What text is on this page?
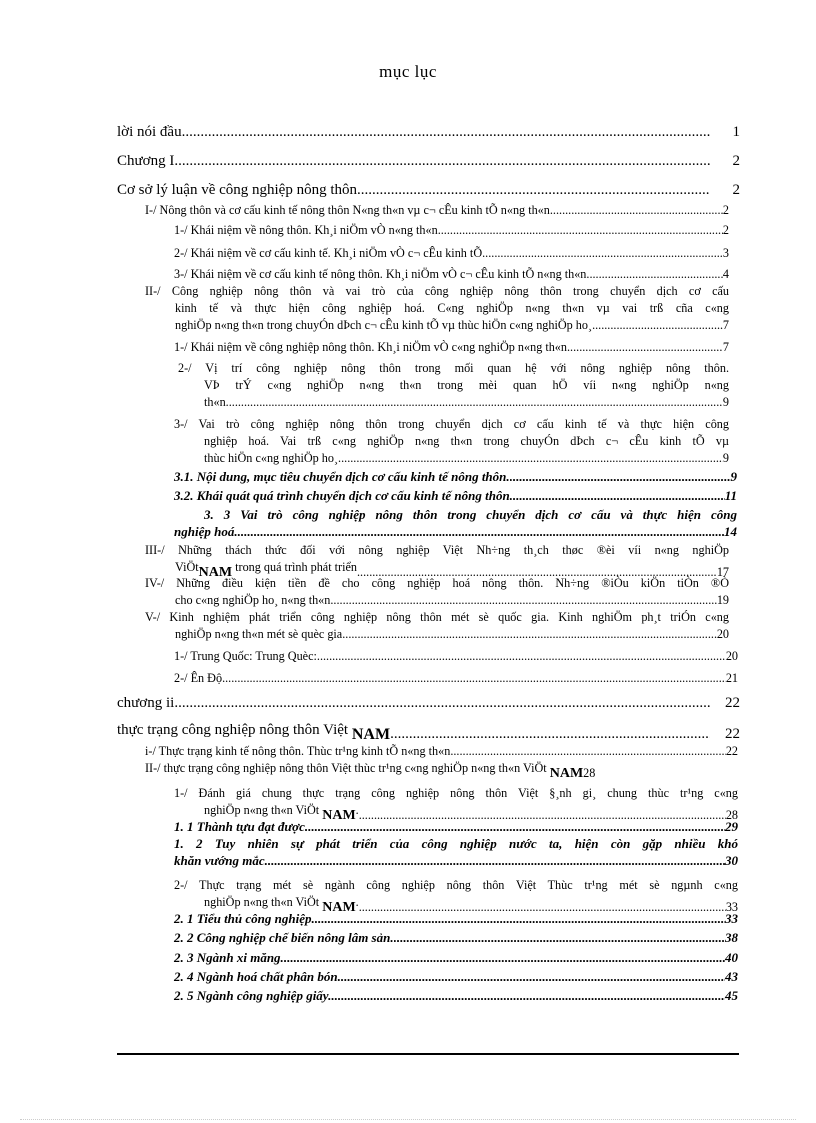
mục lục
lời nói đầu .....	1
Chương I .....	2
Cơ sở lý luận về công nghiệp nông thôn .....	2
I-/ Nông thôn và cơ cấu kinh tế nông thôn N«ng th«n vµ c¬ cÊu kinh tÕ n«ng th«n .....	2
1-/ Khái niệm về nông thôn. Kh¸i niÖm vÒ n«ng th«n .....	2
2-/ Khái niệm về cơ cấu kinh tế. Kh¸i niÖm vÒ c¬ cÊu kinh tÕ. .....	3
3-/ Khái niệm về cơ cấu kinh tế nông thôn. Kh¸i niÖm vÒ c¬ cÊu kinh tÕ n«ng th«n. .....	4
II-/ Công nghiệp nông thôn và vai trò của công nghiệp nông thôn trong chuyển dịch cơ cấu
kinh tế và thực hiện công nghiệp hoá. C«ng nghiÖp n«ng th«n vµ vai trß cña c«ng
nghiÖp n«ng th«n trong chuyÓn dÞch c¬ cÊu kinh tÕ vµ thùc hiÖn c«ng nghiÖp ho¸ .....	7
1-/ Khái niệm về công nghiệp nông thôn. Kh¸i niÖm vÒ c«ng nghiÖp n«ng th«n .....	7
2-/ Vị trí công nghiệp nông thôn trong mối quan hệ với nông nghiệp nông thôn.
VÞ trÝ c«ng nghiÖp n«ng th«n trong mèi quan hÖ víi n«ng nghiÖp n«ng
th«n .....	9
3-/ Vai trò công nghiệp nông thôn trong chuyển dịch cơ cấu kinh tế và thực hiện công
nghiệp hoá. Vai trß c«ng nghiÖp n«ng th«n trong chuyÓn dÞch c¬ cÊu kinh tÕ vµ
thùc hiÖn c«ng nghiÖp ho¸ .....	9
3.1. Nội dung, mục tiêu chuyển dịch cơ cấu kinh tế nông thôn. .....	9
3.2. Khái quát quá trình chuyển dịch cơ cấu kinh tế nông thôn. .....	11
3. 3 Vai trò công nghiệp nông thôn trong chuyển dịch cơ cấu và thực hiện công
nghiệp hoá .....	14
III-/ Những thách thức đối với nông nghiệp Việt Nh÷ng th¸ch thøc ®èi víi n«ng nghiÖp
ViÖtNAM trong quá trình phát triển .....	17
IV-/ Những điều kiện tiền đề cho công nghiệp hoá nông thôn. Nh÷ng ®iÒu kiÖn tiÒn ®Ò
cho c«ng nghiÖp ho¸ n«ng th«n .....	19
V-/ Kinh nghiệm phát triển công nghiệp nông thôn mét sè quốc gia. Kinh nghiÖm ph¸t triÓn c«ng
nghiÖp n«ng th«n mét sè quèc gia. .....	20
1-/ Trung Quốc: Trung Quèc: .....	20
2-/ Ên Độ .....	21
chương ii .....	22
thực trạng công nghiệp nông thôn Việt NAM .....	22
i-/ Thực trạng kinh tế nông thôn. Thùc tr¹ng kinh tÕ n«ng th«n .....	22
II-/ thực trạng công nghiệp nông thôn Việt thùc tr¹ng c«ng nghiÖp n«ng th«n ViÖt NAM 28
1-/ Đánh giá chung thực trạng công nghiệp nông thôn Việt §¸nh gi¸ chung thùc tr¹ng c«ng
nghiÖp n«ng th«n ViÖt NAM. .....	28
1. 1 Thành tựu đạt được. .....	29
1. 2 Tuy nhiên sự phát triển của công nghiệp nước ta, hiện còn gặp nhiều khó
khăn vướng mắc. .....	30
2-/ Thực trạng mét sè ngành công nghiệp nông thôn Việt Thùc tr¹ng mét sè ngµnh c«ng
nghiÖp n«ng th«n ViÖt NAM. .....	33
2. 1 Tiểu thủ công nghiệp. .....	33
2. 2 Công nghiệp chế biến nông lâm sản. .....	38
2. 3 Ngành xi măng. .....	40
2. 4 Ngành hoá chất phân bón. .....	43
2. 5 Ngành công nghiệp giấy. .....	45
